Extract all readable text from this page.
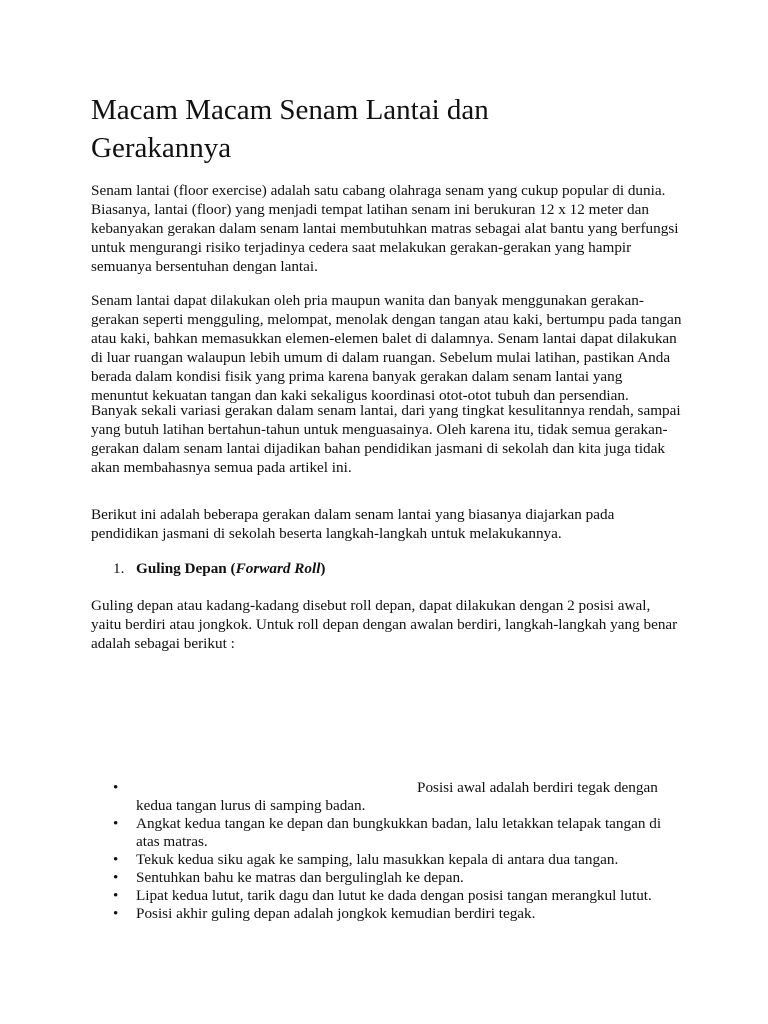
Macam Macam Senam Lantai dan
Gerakannya

Senam lantai (floor exercise) adalah satu cabang olahraga senam yang cukup popular di dunia. Biasanya, lantai (floor) yang menjadi tempat latihan senam ini berukuran 12 x 12 meter dan kebanyakan gerakan dalam senam lantai membutuhkan matras sebagai alat bantu yang berfungsi untuk mengurangi risiko terjadinya cedera saat melakukan gerakan-gerakan yang hampir semuanya bersentuhan dengan lantai.

Senam lantai dapat dilakukan oleh pria maupun wanita dan banyak menggunakan gerakan-gerakan seperti mengguling, melompat, menolak dengan tangan atau kaki, bertumpu pada tangan atau kaki, bahkan memasukkan elemen-elemen balet di dalamnya. Senam lantai dapat dilakukan di luar ruangan walaupun lebih umum di dalam ruangan. Sebelum mulai latihan, pastikan Anda berada dalam kondisi fisik yang prima karena banyak gerakan dalam senam lantai yang menuntut kekuatan tangan dan kaki sekaligus koordinasi otot-otot tubuh dan persendian.

Banyak sekali variasi gerakan dalam senam lantai, dari yang tingkat kesulitannya rendah, sampai yang butuh latihan bertahun-tahun untuk menguasainya. Oleh karena itu, tidak semua gerakan-gerakan dalam senam lantai dijadikan bahan pendidikan jasmani di sekolah dan kita juga tidak akan membahasnya semua pada artikel ini.

Berikut ini adalah beberapa gerakan dalam senam lantai yang biasanya diajarkan pada pendidikan jasmani di sekolah beserta langkah-langkah untuk melakukannya.

1. Guling Depan (Forward Roll)

Guling depan atau kadang-kadang disebut roll depan, dapat dilakukan dengan 2 posisi awal, yaitu berdiri atau jongkok. Untuk roll depan dengan awalan berdiri, langkah-langkah yang benar adalah sebagai berikut :

•	Posisi awal adalah berdiri tegak dengan
kedua tangan lurus di samping badan.
• Angkat kedua tangan ke depan dan bungkukkan badan, lalu letakkan telapak tangan di atas matras.
• Tekuk kedua siku agak ke samping, lalu masukkan kepala di antara dua tangan.
• Sentuhkan bahu ke matras dan bergulinglah ke depan.
• Lipat kedua lutut, tarik dagu dan lutut ke dada dengan posisi tangan merangkul lutut.
• Posisi akhir guling depan adalah jongkok kemudian berdiri tegak.
